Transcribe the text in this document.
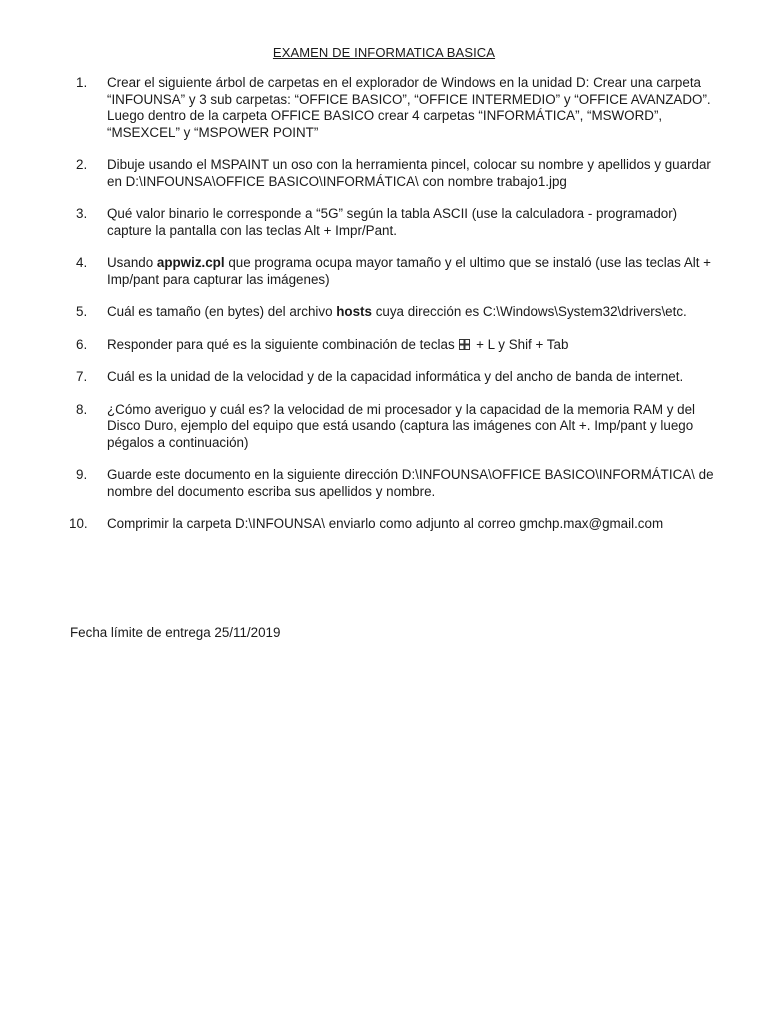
EXAMEN DE INFORMATICA BASICA
1.	Crear el siguiente árbol de carpetas en el explorador de Windows en la unidad D: Crear una carpeta “INFOUNSA” y 3 sub carpetas: “OFFICE BASICO”, “OFFICE INTERMEDIO” y “OFFICE AVANZADO”. Luego dentro de la carpeta OFFICE BASICO crear 4 carpetas “INFORMÁTICA”, “MSWORD”, “MSEXCEL” y “MSPOWER POINT”
2.	Dibuje usando el MSPAINT un oso con la herramienta pincel, colocar su nombre y apellidos y guardar en D:\INFOUNSA\OFFICE BASICO\INFORMÁTICA\ con nombre trabajo1.jpg
3.	Qué valor binario le corresponde a “5G” según la tabla ASCII (use la calculadora - programador) capture la pantalla con las teclas Alt + Impr/Pant.
4.	Usando appwiz.cpl que programa ocupa mayor tamaño y el ultimo que se instaló (use las teclas Alt + Imp/pant para capturar las imágenes)
5.	Cuál es tamaño (en bytes) del archivo hosts cuya dirección es C:\Windows\System32\drivers\etc.
6.	Responder para qué es la siguiente combinación de teclas  + L y Shif + Tab
7.	Cuál es la unidad de la velocidad y de la capacidad informática y del ancho de banda de internet.
8.	¿Cómo averiguo y cuál es? la velocidad de mi procesador y la capacidad de la memoria RAM y del Disco Duro, ejemplo del equipo que está usando (captura las imágenes con Alt +. Imp/pant y luego pégalos a continuación)
9.	Guarde este documento en la siguiente dirección D:\INFOUNSA\OFFICE BASICO\INFORMÁTICA\ de nombre del documento escriba sus apellidos y nombre.
10.	Comprimir la carpeta D:\INFOUNSA\ enviarlo como adjunto al correo gmchp.max@gmail.com
Fecha límite de entrega 25/11/2019
